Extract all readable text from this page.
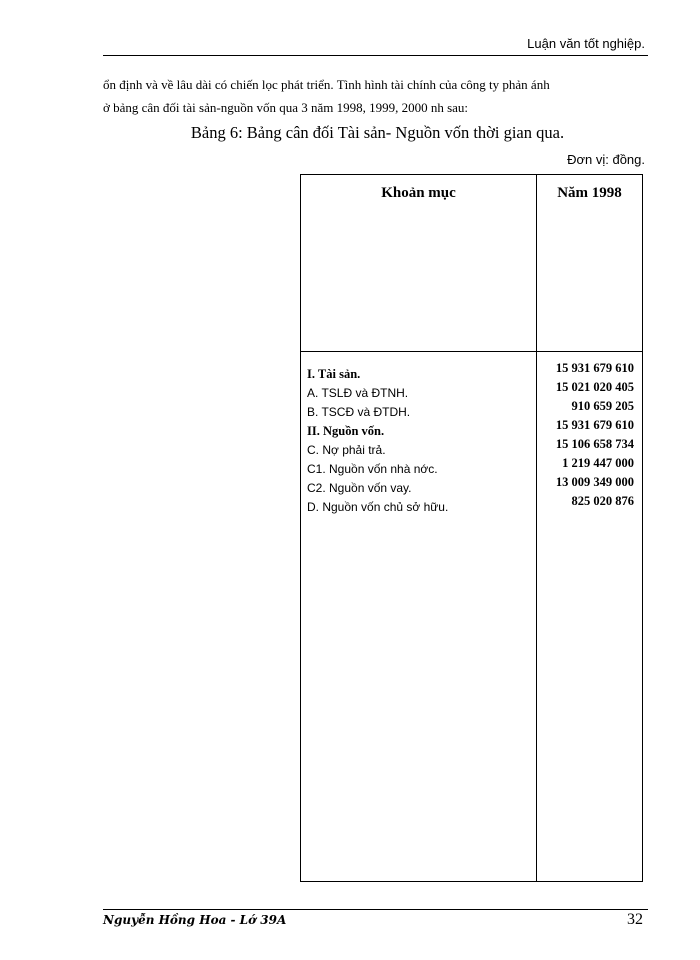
Luận văn tốt nghiệp.
ổn định và về lâu dài có chiến lọc phát triển. Tình hình tài chính của công ty phản ánh
ở bảng cân đối tài sản-nguồn vốn qua 3 năm 1998, 1999, 2000 nh sau:
Bảng 6: Bảng cân đối Tài sản- Nguồn vốn thời gian qua.
Đơn vị: đồng.
Khoản mục	Năm 1998
I. Tài sản.
A. TSLĐ và ĐTNH.
B. TSCĐ và ĐTDH.
II. Nguồn vốn.
C. Nợ phải trả.
C1. Nguồn vốn nhà nớc.
C2. Nguồn vốn vay.
D. Nguồn vốn chủ sở hữu.
15 931 679 610
15 021 020 405
910 659 205
15 931 679 610
15 106 658 734
1 219 447 000
13 009 349 000
825 020 876
Nguyễn Hồng Hoa - Lớ 39A	32
